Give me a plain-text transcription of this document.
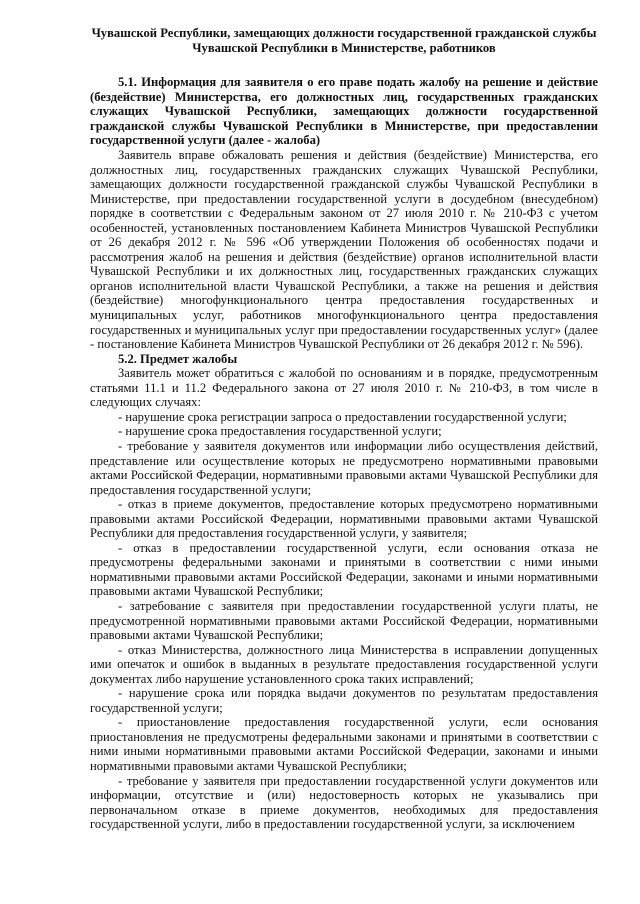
Чувашской Республики, замещающих должности государственной гражданской службы Чувашской Республики в Министерстве, работников

5.1. Информация для заявителя о его праве подать жалобу на решение и действие (бездействие) Министерства, его должностных лиц, государственных гражданских служащих Чувашской Республики, замещающих должности государственной гражданской службы Чувашской Республики в Министерстве, при предоставлении государственной услуги (далее - жалоба)

Заявитель вправе обжаловать решения и действия (бездействие) Министерства, его должностных лиц, государственных гражданских служащих Чувашской Республики, замещающих должности государственной гражданской службы Чувашской Республики в Министерстве, при предоставлении государственной услуги в досудебном (внесудебном) порядке в соответствии с Федеральным законом от 27 июля 2010 г. № 210-ФЗ с учетом особенностей, установленных постановлением Кабинета Министров Чувашской Республики от 26 декабря 2012 г. № 596 «Об утверждении Положения об особенностях подачи и рассмотрения жалоб на решения и действия (бездействие) органов исполнительной власти Чувашской Республики и их должностных лиц, государственных гражданских служащих органов исполнительной власти Чувашской Республики, а также на решения и действия (бездействие) многофункционального центра предоставления государственных и муниципальных услуг, работников многофункционального центра предоставления государственных и муниципальных услуг при предоставлении государственных услуг» (далее - постановление Кабинета Министров Чувашской Республики от 26 декабря 2012 г. № 596).

5.2. Предмет жалобы

Заявитель может обратиться с жалобой по основаниям и в порядке, предусмотренным статьями 11.1 и 11.2 Федерального закона от 27 июля 2010 г. № 210-ФЗ, в том числе в следующих случаях:

- нарушение срока регистрации запроса о предоставлении государственной услуги;

- нарушение срока предоставления государственной услуги;

- требование у заявителя документов или информации либо осуществления действий, представление или осуществление которых не предусмотрено нормативными правовыми актами Российской Федерации, нормативными правовыми актами Чувашской Республики для предоставления государственной услуги;

- отказ в приеме документов, предоставление которых предусмотрено нормативными правовыми актами Российской Федерации, нормативными правовыми актами Чувашской Республики для предоставления государственной услуги, у заявителя;

- отказ в предоставлении государственной услуги, если основания отказа не предусмотрены федеральными законами и принятыми в соответствии с ними иными нормативными правовыми актами Российской Федерации, законами и иными нормативными правовыми актами Чувашской Республики;

- затребование с заявителя при предоставлении государственной услуги платы, не предусмотренной нормативными правовыми актами Российской Федерации, нормативными правовыми актами Чувашской Республики;

- отказ Министерства, должностного лица Министерства в исправлении допущенных ими опечаток и ошибок в выданных в результате предоставления государственной услуги документах либо нарушение установленного срока таких исправлений;

- нарушение срока или порядка выдачи документов по результатам предоставления государственной услуги;

- приостановление предоставления государственной услуги, если основания приостановления не предусмотрены федеральными законами и принятыми в соответствии с ними иными нормативными правовыми актами Российской Федерации, законами и иными нормативными правовыми актами Чувашской Республики;

- требование у заявителя при предоставлении государственной услуги документов или информации, отсутствие и (или) недостоверность которых не указывались при первоначальном отказе в приеме документов, необходимых для предоставления государственной услуги, либо в предоставлении государственной услуги, за исключением
